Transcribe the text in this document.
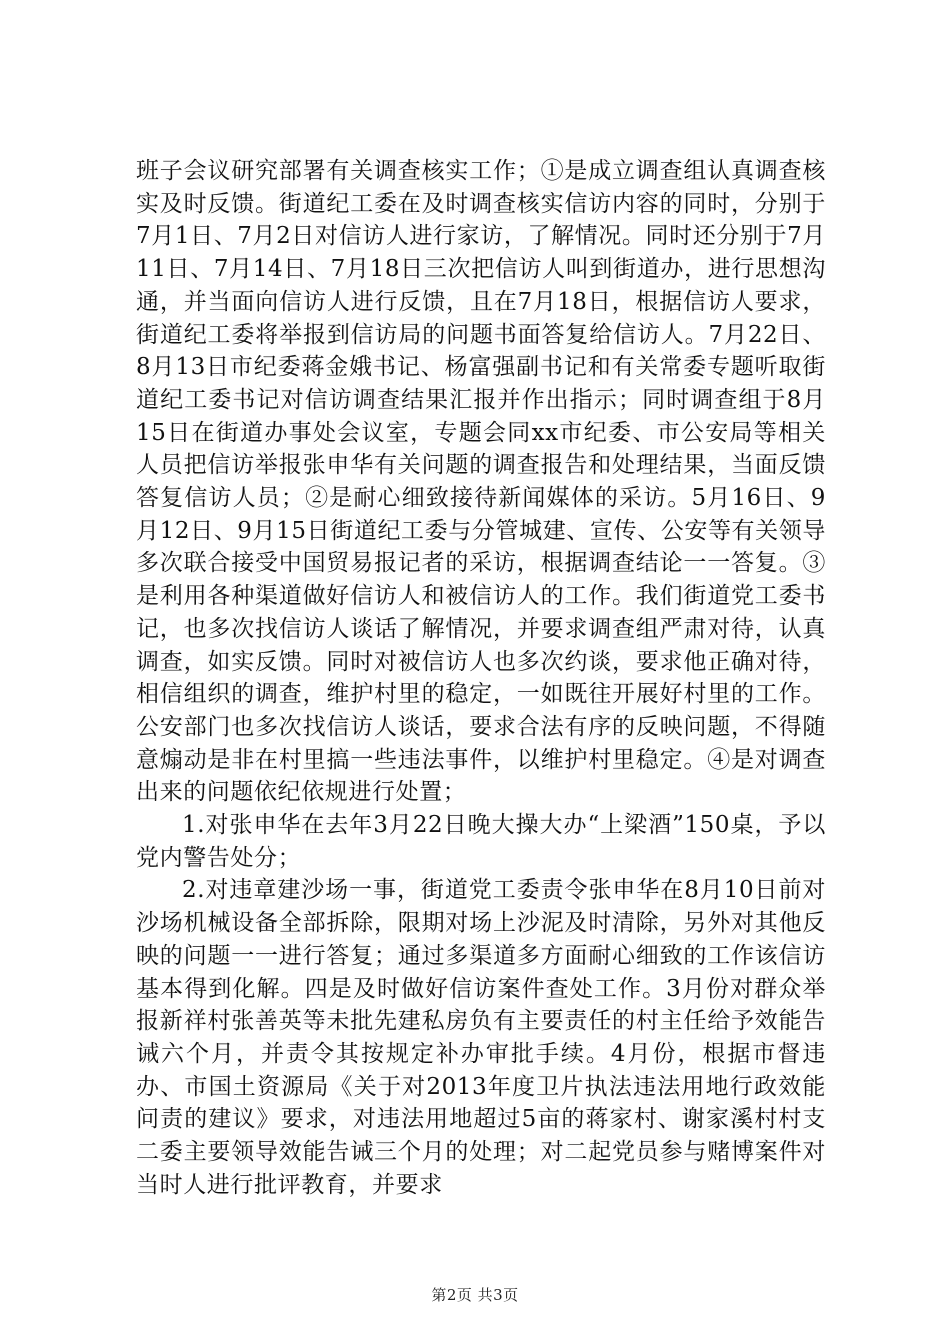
班子会议研究部署有关调查核实工作；①是成立调查组认真调查核实及时反馈。街道纪工委在及时调查核实信访内容的同时，分别于7月1日、7月2日对信访人进行家访，了解情况。同时还分别于7月11日、7月14日、7月18日三次把信访人叫到街道办，进行思想沟通，并当面向信访人进行反馈，且在7月18日，根据信访人要求，街道纪工委将举报到信访局的问题书面答复给信访人。7月22日、8月13日市纪委蒋金娥书记、杨富强副书记和有关常委专题听取街道纪工委书记对信访调查结果汇报并作出指示；同时调查组于8月15日在街道办事处会议室，专题会同xx市纪委、市公安局等相关人员把信访举报张申华有关问题的调查报告和处理结果，当面反馈答复信访人员；②是耐心细致接待新闻媒体的采访。5月16日、9月12日、9月15日街道纪工委与分管城建、宣传、公安等有关领导多次联合接受中国贸易报记者的采访，根据调查结论一一答复。③是利用各种渠道做好信访人和被信访人的工作。我们街道党工委书记，也多次找信访人谈话了解情况，并要求调查组严肃对待，认真调查，如实反馈。同时对被信访人也多次约谈，要求他正确对待，相信组织的调查，维护村里的稳定，一如既往开展好村里的工作。公安部门也多次找信访人谈话，要求合法有序的反映问题，不得随意煽动是非在村里搞一些违法事件，以维护村里稳定。④是对调查出来的问题依纪依规进行处置；

1.对张申华在去年3月22日晚大操大办“上梁酒”150桌，予以党内警告处分；

2.对违章建沙场一事，街道党工委责令张申华在8月10日前对沙场机械设备全部拆除，限期对场上沙泥及时清除，另外对其他反映的问题一一进行答复；通过多渠道多方面耐心细致的工作该信访基本得到化解。四是及时做好信访案件查处工作。3月份对群众举报新祥村张善英等未批先建私房负有主要责任的村主任给予效能告诫六个月，并责令其按规定补办审批手续。4月份，根据市督违办、市国土资源局《关于对2013年度卫片执法违法用地行政效能问责的建议》要求，对违法用地超过5亩的蒋家村、谢家溪村村支二委主要领导效能告诫三个月的处理；对二起党员参与赌博案件对当时人进行批评教育，并要求

第2页 共3页
